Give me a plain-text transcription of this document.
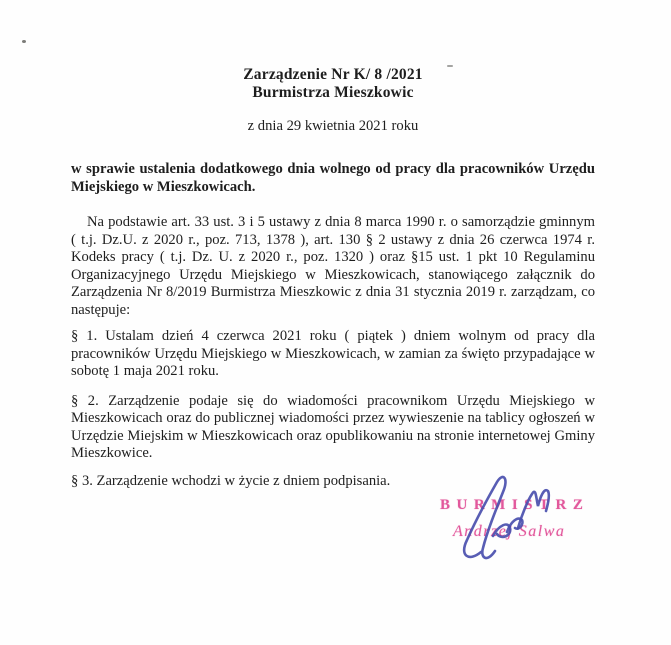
Zarządzenie Nr K/ 8 /2021
Burmistrza Mieszkowic
z dnia 29 kwietnia 2021 roku
w sprawie ustalenia dodatkowego dnia wolnego od pracy dla pracowników Urzędu Miejskiego w Mieszkowicach.

Na podstawie art. 33 ust. 3 i 5 ustawy z dnia 8 marca 1990 r. o samorządzie gminnym ( t.j. Dz.U. z 2020 r., poz. 713, 1378 ), art. 130 § 2 ustawy z dnia 26 czerwca 1974 r. Kodeks pracy ( t.j. Dz. U. z 2020 r., poz. 1320 ) oraz §15 ust. 1 pkt 10 Regulaminu Organizacyjnego Urzędu Miejskiego w Mieszkowicach, stanowiącego załącznik do Zarządzenia Nr 8/2019 Burmistrza Mieszkowic z dnia 31 stycznia 2019 r. zarządzam, co następuje:

§ 1. Ustalam dzień 4 czerwca 2021 roku ( piątek ) dniem wolnym od pracy dla pracowników Urzędu Miejskiego w Mieszkowicach, w zamian za święto przypadające w sobotę 1 maja 2021 roku.

§ 2. Zarządzenie podaje się do wiadomości pracownikom Urzędu Miejskiego w Mieszkowicach oraz do publicznej wiadomości przez wywieszenie na tablicy ogłoszeń w Urzędzie Miejskim w Mieszkowicach oraz opublikowaniu na stronie internetowej Gminy Mieszkowice.

§ 3. Zarządzenie wchodzi w życie z dniem podpisania.

BURMISTRZ
Andrzej Salwa
